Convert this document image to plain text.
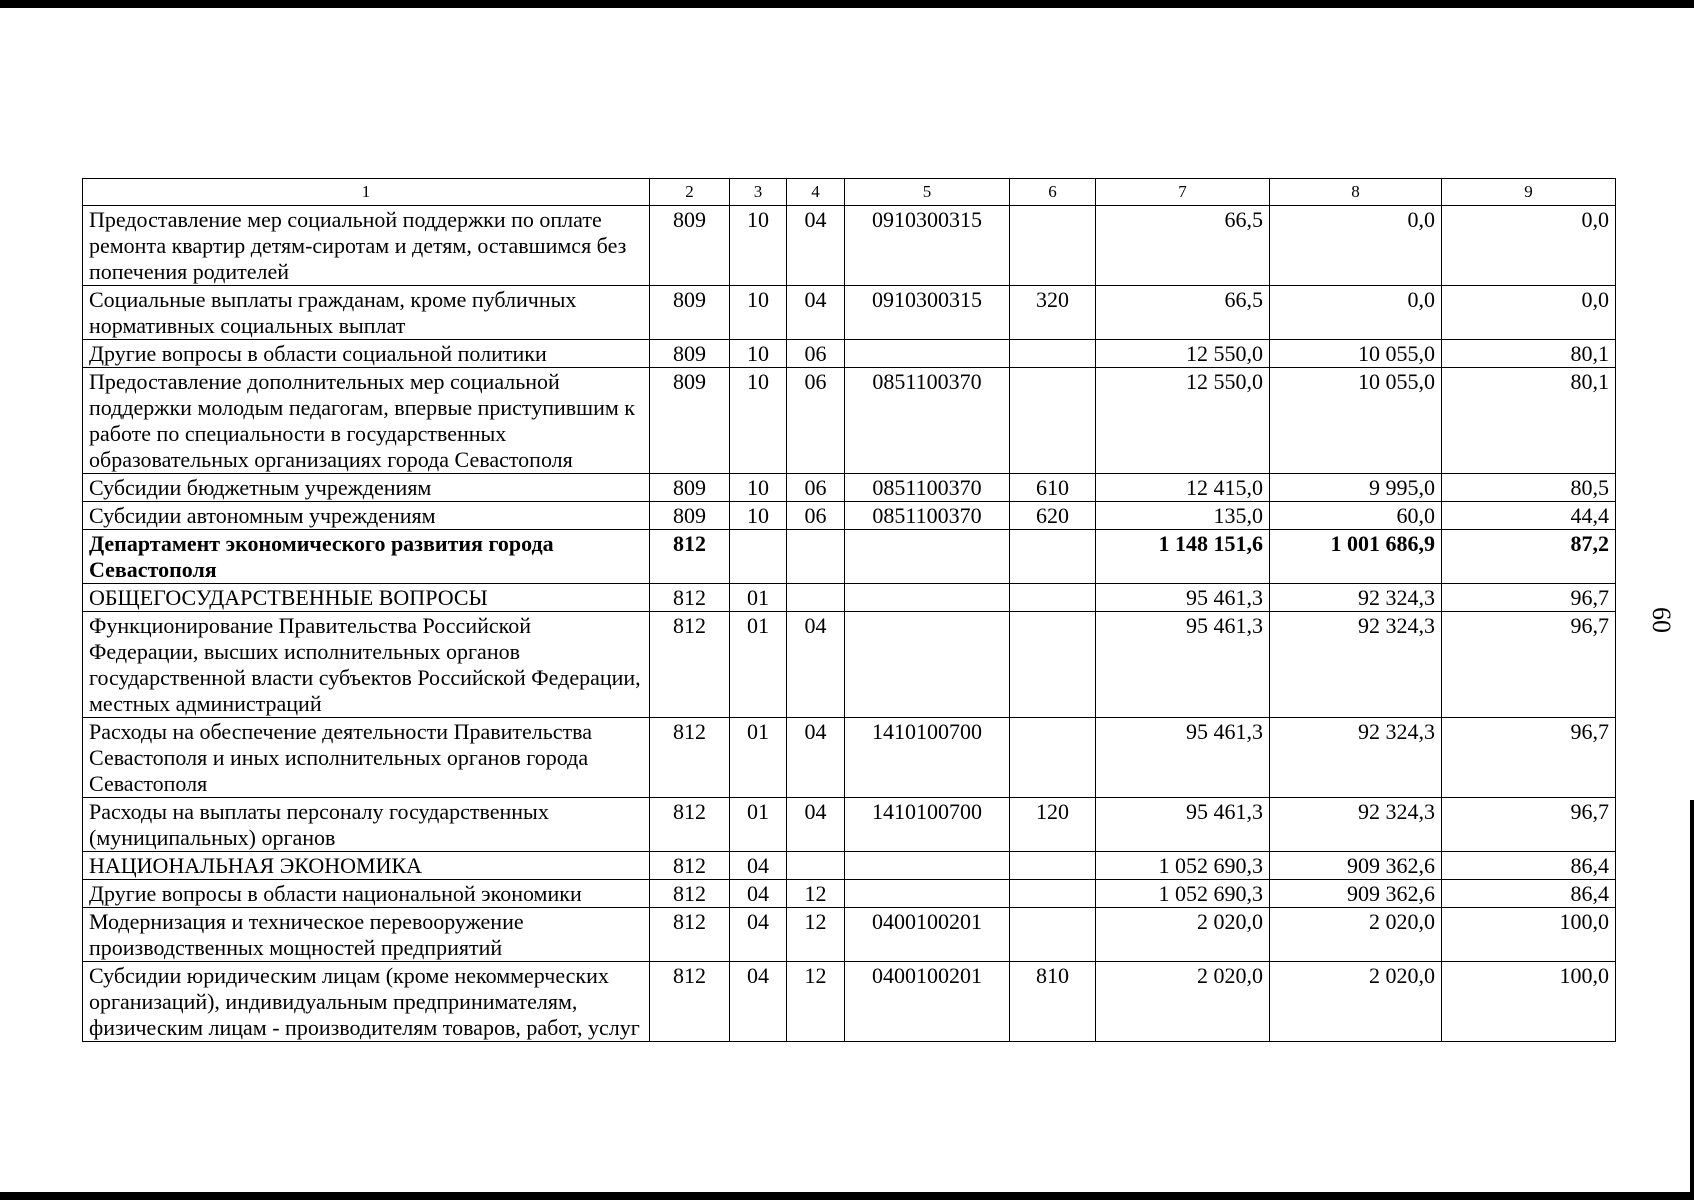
60
1	2	3	4	5	6	7	8	9
Предоставление мер социальной поддержки по оплате ремонта квартир детям-сиротам и детям, оставшимся без попечения родителей	809	10	04	0910300315		66,5	0,0	0,0
Социальные выплаты гражданам, кроме публичных нормативных социальных выплат	809	10	04	0910300315	320	66,5	0,0	0,0
Другие вопросы в области социальной политики	809	10	06			12 550,0	10 055,0	80,1
Предоставление дополнительных мер социальной поддержки молодым педагогам, впервые приступившим к работе по специальности в государственных образовательных организациях города Севастополя	809	10	06	0851100370		12 550,0	10 055,0	80,1
Субсидии бюджетным учреждениям	809	10	06	0851100370	610	12 415,0	9 995,0	80,5
Субсидии автономным учреждениям	809	10	06	0851100370	620	135,0	60,0	44,4
Департамент экономического развития города Севастополя	812					1 148 151,6	1 001 686,9	87,2
ОБЩЕГОСУДАРСТВЕННЫЕ ВОПРОСЫ	812	01				95 461,3	92 324,3	96,7
Функционирование Правительства Российской Федерации, высших исполнительных органов государственной власти субъектов Российской Федерации, местных администраций	812	01	04			95 461,3	92 324,3	96,7
Расходы на обеспечение деятельности Правительства Севастополя и иных исполнительных органов города Севастополя	812	01	04	1410100700		95 461,3	92 324,3	96,7
Расходы на выплаты персоналу государственных (муниципальных) органов	812	01	04	1410100700	120	95 461,3	92 324,3	96,7
НАЦИОНАЛЬНАЯ ЭКОНОМИКА	812	04				1 052 690,3	909 362,6	86,4
Другие вопросы в области национальной экономики	812	04	12			1 052 690,3	909 362,6	86,4
Модернизация и техническое перевооружение производственных мощностей предприятий	812	04	12	0400100201		2 020,0	2 020,0	100,0
Субсидии юридическим лицам (кроме некоммерческих организаций), индивидуальным предпринимателям, физическим лицам - производителям товаров, работ, услуг	812	04	12	0400100201	810	2 020,0	2 020,0	100,0
